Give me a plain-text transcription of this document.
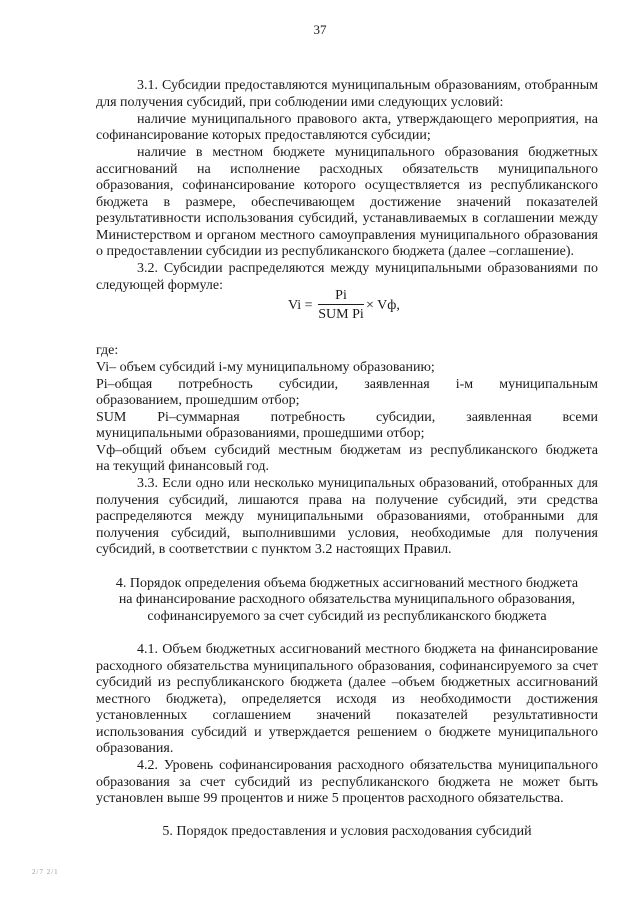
37
3.1. Субсидии предоставляются муниципальным образованиям, отобранным
для получения субсидий, при соблюдении ими следующих условий:
наличие муниципального правового акта, утверждающего мероприятия, на
софинансирование которых предоставляются субсидии;
наличие в местном бюджете муниципального образования бюджетных
ассигнований на исполнение расходных обязательств муниципального
образования, софинансирование которого осуществляется из республиканского
бюджета в размере, обеспечивающем достижение значений показателей
результативности использования субсидий, устанавливаемых в соглашении между
Министерством и органом местного самоуправления муниципального образования
о предоставлении субсидии из республиканского бюджета (далее –соглашение).
3.2. Субсидии распределяются между муниципальными образованиями по
следующей формуле:
Vi =
Pi
SUM Pi
× Vф,
где:
Vi– объем субсидий i-му муниципальному образованию;
Pi–общая потребность субсидии, заявленная i-м муниципальным
образованием, прошедшим отбор;
SUM Pi–суммарная потребность субсидии, заявленная всеми
муниципальными образованиями, прошедшими отбор;
Vф–общий объем субсидий местным бюджетам из республиканского бюджета
на текущий финансовый год.
3.3. Если одно или несколько муниципальных образований, отобранных для
получения субсидий, лишаются права на получение субсидий, эти средства
распределяются между муниципальными образованиями, отобранными для
получения субсидий, выполнившими условия, необходимые для получения
субсидий, в соответствии с пунктом 3.2 настоящих Правил.
4. Порядок определения объема бюджетных ассигнований местного бюджета
на финансирование расходного обязательства муниципального образования,
софинансируемого за счет субсидий из республиканского бюджета
4.1. Объем бюджетных ассигнований местного бюджета на финансирование
расходного обязательства муниципального образования, софинансируемого за счет
субсидий из республиканского бюджета (далее –объем бюджетных ассигнований
местного бюджета), определяется исходя из необходимости достижения
установленных соглашением значений показателей результативности
использования субсидий и утверждается решением о бюджете муниципального
образования.
4.2. Уровень софинансирования расходного обязательства муниципального
образования за счет субсидий из республиканского бюджета не может быть
установлен выше 99 процентов и ниже 5 процентов расходного обязательства.
5. Порядок предоставления и условия расходования субсидий
2/7 2/1
